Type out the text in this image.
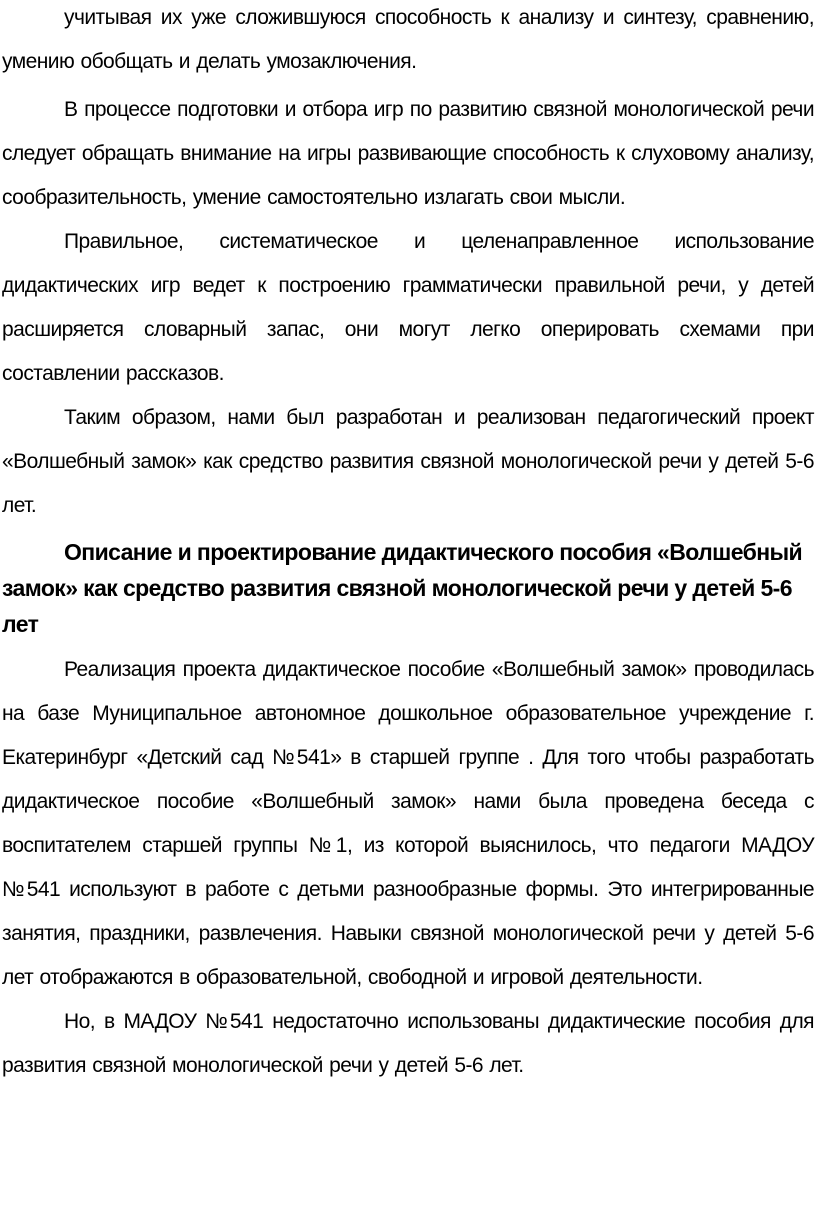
учитывая их уже сложившуюся способность к анализу и синтезу, сравнению, умению обобщать и делать умозаключения.

В процессе подготовки и отбора игр по развитию связной монологической речи следует обращать внимание на игры развивающие способность к слуховому анализу, сообразительность, умение самостоятельно излагать свои мысли.

Правильное, систематическое и целенаправленное использование дидактических игр ведет к построению грамматически правильной речи, у детей расширяется словарный запас, они могут легко оперировать схемами при составлении рассказов.

Таким образом, нами был разработан и реализован педагогический проект «Волшебный замок» как средство развития связной монологической речи у детей 5-6 лет.

Описание и проектирование дидактического пособия «Волшебный замок» как средство развития связной монологической речи у детей 5-6 лет

Реализация проекта дидактическое пособие «Волшебный замок» проводилась на базе Муниципальное автономное дошкольное образовательное учреждение г. Екатеринбург «Детский сад №541» в старшей группе . Для того чтобы разработать дидактическое пособие «Волшебный замок» нами была проведена беседа с воспитателем старшей группы №1, из которой выяснилось, что педагоги МАДОУ №541 используют в работе с детьми разнообразные формы. Это интегрированные занятия, праздники, развлечения. Навыки связной монологической речи у детей 5-6 лет отображаются в образовательной, свободной и игровой деятельности.

Но, в МАДОУ №541 недостаточно использованы дидактические пособия для развития связной монологической речи у детей 5-6 лет.
